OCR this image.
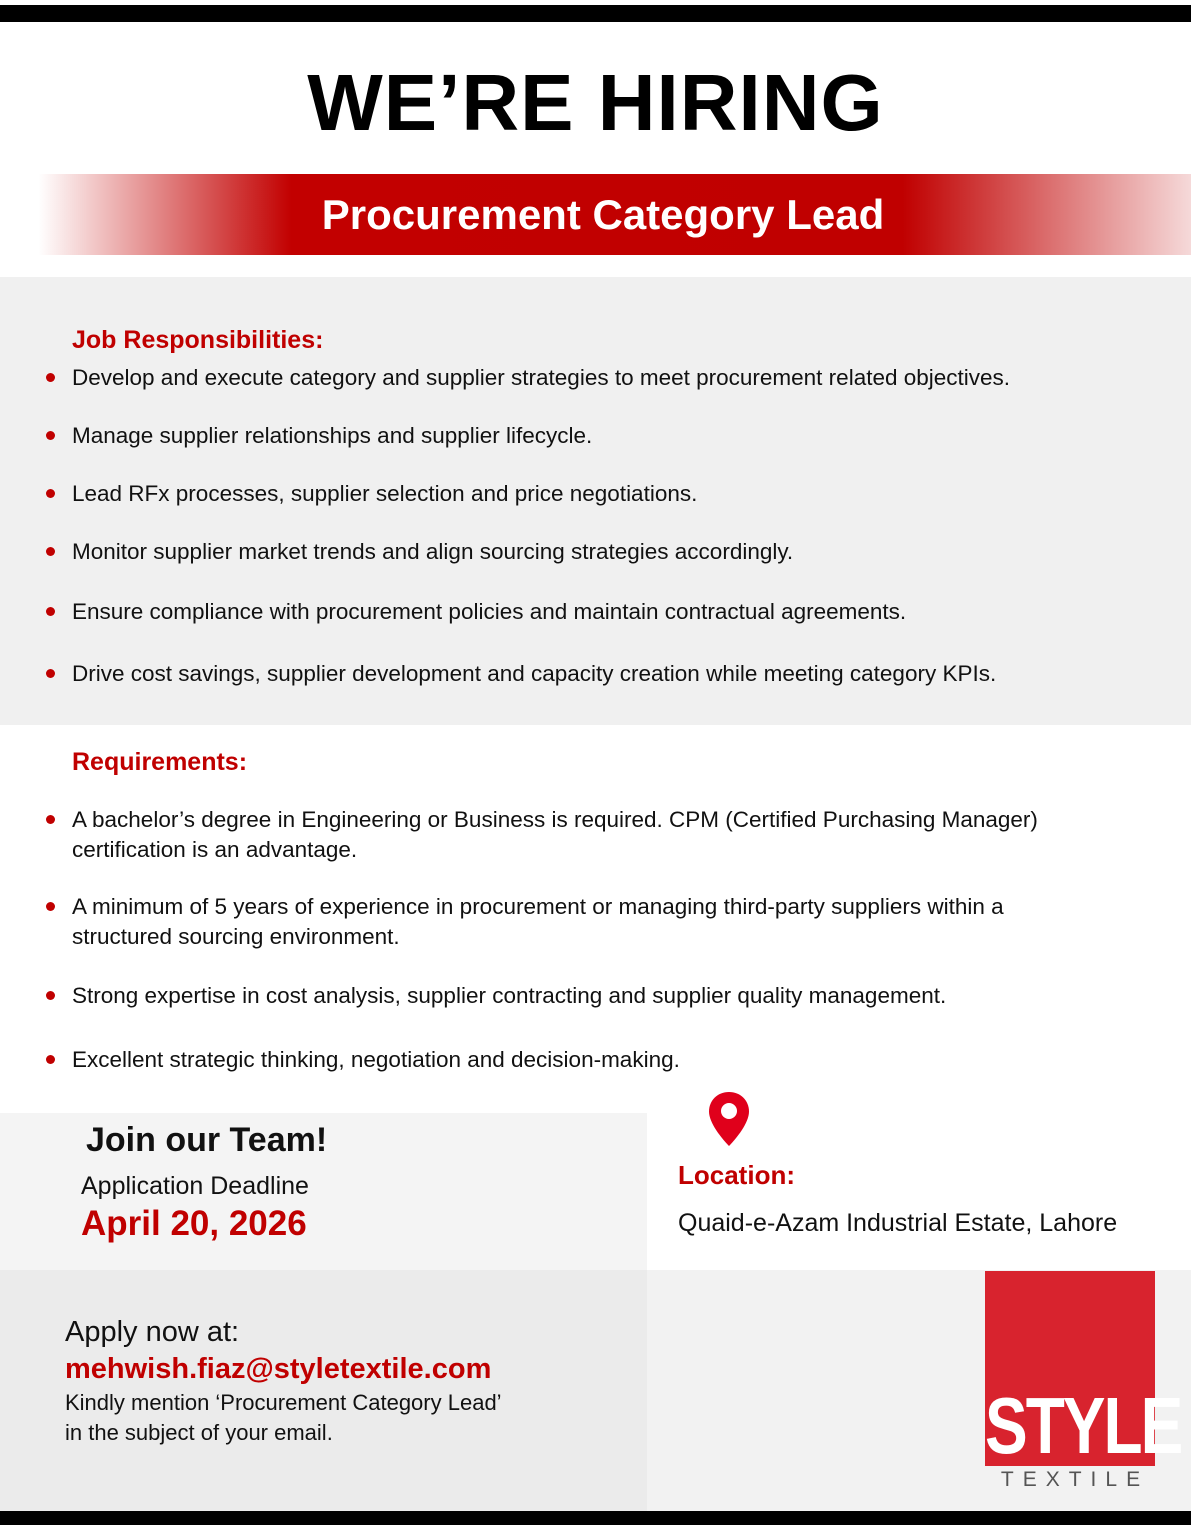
WE’RE HIRING
Procurement Category Lead
Job Responsibilities:
Develop and execute category and supplier strategies to meet procurement related objectives.
Manage supplier relationships and supplier lifecycle.
Lead RFx processes, supplier selection and price negotiations.
Monitor supplier market trends and align sourcing strategies accordingly.
Ensure compliance with procurement policies and maintain contractual agreements.
Drive cost savings, supplier development and capacity creation while meeting category KPIs.
Requirements:
A bachelor’s degree in Engineering or Business is required. CPM (Certified Purchasing Manager) certification is an advantage.
A minimum of 5 years of experience in procurement or managing third-party suppliers within a structured sourcing environment.
Strong expertise in cost analysis, supplier contracting and supplier quality management.
Excellent strategic thinking, negotiation and decision-making.
Join our Team!
Application Deadline
April 20, 2026
Location:
Quaid-e-Azam Industrial Estate, Lahore
Apply now at:
mehwish.fiaz@styletextile.com
Kindly mention ‘Procurement Category Lead’
in the subject of your email.	STYLE
TEXTILE
